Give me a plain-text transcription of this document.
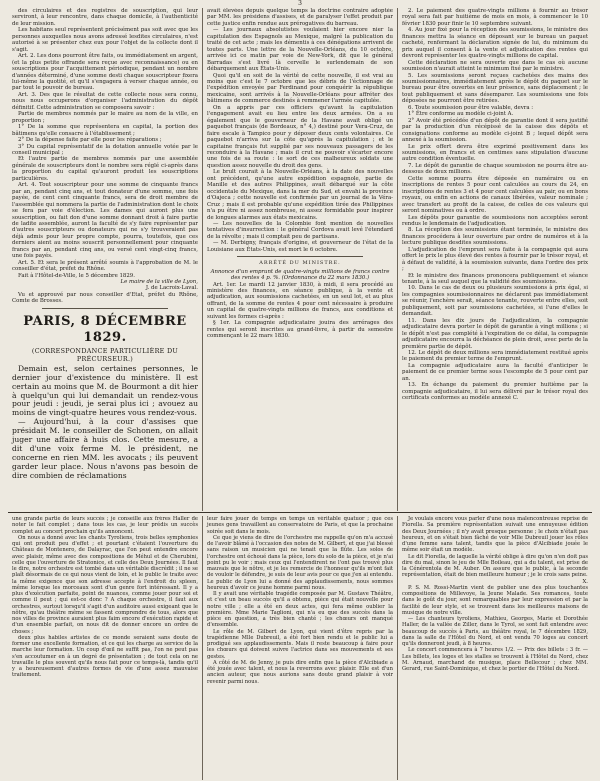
3

des circulaires et des registres de souscription, qui leur serviront, à leur rencontre, dans chaque domicile, à l'authenticité de leur mission.

Les habitans seul représentent précisément pas soit avec que les personnes auxquelles nous avons adressé lesdites circulaires, n'est autorisé à se présenter chez eux pour l'objet de la collecte dont il s'agit.

Art. 2. Les dons pourront être faits, ou immédiatement en argent, (et la plus petite offrande sera reçue avec reconnaissance) ou en souscriptions pour l'acquittement périodique, pendant un nombre d'années déterminé, d'une somme desti chaque souscripteur fixera lui-même la quotité, et qu'il s'engagera à verser chaque année, ou par tout le pouvoir de bureau.

Art. 3. Des que le résultat de cette collecte nous sera connu, nous nous occuperons d'organiser l'administration du dépôt définitif. Cette administration se composera savoir :

Partie de membres nommés par le maire au nom de la ville, en proportion ;

1° De la somme que représentera en capital, la portion des bâtimens qu'elle consacre à l'établissement ;

2° De la dépense faite par elle pour les réparations ;

3° Du capital représentatif de la dotation annuelle votée par le conseil municipal ;

Et l'autre partie de membres nommés par une assemblée générale de souscripteurs dont le nombre sera réglé ci-après dans la proportion du capital qu'auront produit les souscriptions particulières.

Art. 4. Tout souscripteur pour une somme de cinquante francs par an, pendant cinq ans, et tout donateur d'une somme, une fois payée, de cent cent cinquante francs, sera de droit membre de l'assemblée qui nommera la partie de l'administration dont le choix se fera par voie d'élection. Les dames qui auront plus une souscription, ou fait don d'une somme donnant droit à faire partie de ladite assemblée, auront la faculté de s'y faire représenter par d'autres souscripteurs ou donateurs qui ne s'y trouveraient pas déjà admis pour leur propre compte, pourra, toutefois, que ces derniers aient au moins souscrit personnellement pour cinquante francs par an, pendant cinq ans, ou versé cent vingt-cinq francs, une fois payés.

Art. 5. Et sera le présent arrêté soumis à l'approbation de M. le conseiller d'état, préfet du Rhône.

Fait à l'Hôtel-de-Ville, le 5 décembre 1829.

Le maire de la ville de Lyon,
J. de Lacroix-Laval.

Vu et approuvé par nous conseiller d'Etat, préfet du Rhône, Comte de Brosses.

PARIS, 8 DÉCEMBRE 1829.
(CORRESPONDANCE PARTICULIÈRE DU PRÉCURSEUR.)

Demain est, selon certaines personnes, le dernier jour d'existence du ministère. Il est certain au moins que M. de Bourmont a dit hier à quelqu'un qui lui demandait un rendez-vous pour jeudi : jeudi, je serai plus ici ; avouez au moins de vingt-quatre heures vous rendez-vous.

— Aujourd'hui, à la cour d'assises que présidait M. le conseiller de Schonen, on allait juger une affaire à huis clos. Cette mesure, a dit d'une voix ferme M. le président, ne concerne en rien MM. les avocats ; ils peuvent garder leur place. Nous n'avons pas besoin de dire combien de réclamations

avait élevées depuis quelque temps la doctrine contraire adoptée par MM. les présidens d'assises, et de paralyser l'effet produit par cette justice enfin rendue aux prérogatives du barreau.

— Les journaux absolutistes voulaient hier encore nier la capitulation des Espagnols au Mexique, malgré la publication du traité de cet acte ; mais les démentis à ces dénégations arrivent de toutes parts. Une lettre de la Nouvelle-Orléans, du 10 octobre, arrivée ici ce matin par voie de New-York, dit que le général Barradas s'est livré là cervelle le surlendemain de son débarquement aux États-Unis.

Quoi qu'il en soit de la vérité de cette nouvelle, il est vrai au moins que c'est le 7 octobre que les débris de l'éctionnage de l'expédition envoyée par Ferdinand pour conquérir la république mexicaine, sont arrivés à la Nouvelle-Orléans pour affréter des bâtimens de commerce destinés à remmener l'armée capitulée.

On a appris par ces officiers qu'avant la capitulation l'engagement avait eu lieu entre les deux armées. On a su également que le gouverneur de la Havane avait obligé un paquebot français (de Bordeaux, n° 4,) destiné pour Vera-Cruz, de faire escale à Tampico pour y déposer deux cents volontaires. Ce paquebot n'arriva sur la côte qu'après la capitulation ; et le capitaine français fut supplié par ses nouveaux passagers de les reconduire à la Havane ; mais il crut ne pouvoir s'écarter encore une fois de sa route : le sort de ces malheureux soldats une question assez nouvelle du droit des gens.

Le brult courait à la Nouvelle-Orléans, à la date des nouvelles ont précédent, qu'une autre expédition espagnole, partie de Manille et des autres Philippines, avait débarqué sur la côte occidentale du Mexique, dans la mer du Sud, et envahi la province d'Oajeca ; cette nouvelle est confirmée par un journal de la Véra-Cruz ; mais il est probable qu'une expédition tirée des Philippines n'a pu être ni assez nombreuse, ni assez formidable pour inspirer de longues alarmes aux états mexicains.

— Les nouvelles de la Colombie font mention de nouvelles tentatives d'insurrection : le général Cordova avait levé l'étendard de la révolte ; mais il comptait peu de partisans.

— M. Derbigny, français d'origine, et gouverneur de l'état de la Louisiane aux États-Unis, est mort le 6 octobre.

ARRÊTÉ DU MINISTRE.

Annonce d'un emprunt de quatre-vingts millions de francs contre des rentes 4 p. %. (Ordonnance du 22 mars 1830.)

Art. 1er. Le mardi 12 janvier 1830, à midi, il sera procédé au ministère des finances, en séance publique, à la vente et adjudication, aux soumissions cachetées, en un seul lot, et au plus offrant, de la somme de rentes 4 pour cent nécessaire à produire un capital de quatre-vingts millions de francs, aux conditions et suivant les formes ci-après :

§ 1er. La compagnie adjudicataire jouira des arrérages des rentes qui seront inscrites au grand-livre, à partir du semestre commençant le 22 mars 1830.

2. Le paiement des quatre-vingts millions à fournir au trésor royal sera fait par huitième de mois en mois, à commencer le 10 février 1830 pour finir le 10 septembre suivant.

4. Au jour fixé pour la réception des soumissions, le ministre des finances mettra la séance en déposant sur le bureau un paquet cacheté, renfermant la déclaration signée de lui, du minimum du prix auquel il consent à la vente et adjudication des rentes qui devront représenter les quatre-vingts millions de capital.

Cette déclaration ne sera ouverte que dans le cas où aucune soumission n'aurait atteint le minimum fixé par le ministre.

5. Les soumissions seront reçues cachetées des mains des soumissionnaires, immédiatement après le dépôt du paquet sur le bureau pour être ouvertes en leur présence, sans déplacement ; le tout publiquement et sans désemparer. Les soumissions une fois déposées ne pourront être retirées.

6. Toute soumission pour être valable, devra :

1° Être conforme au modèle ci-joint A.

2° Avoir été précédée d'un dépôt de garantie dont il sera justifié par la production d'un récépissé de la caisse des dépôts et consignations conforme au modèle ci-joint B ; lequel dépôt sera annexé à la soumission.

Le prix offert devra être exprimé positivement dans les soumissions, en francs et en centimes sans stipulation d'aucune autre condition éventuelle.

7. Le dépôt de garantie de chaque soumission ne pourra être au-dessous de deux millions.

Cette somme pourra être déposée en numéraire ou en inscriptions de rentes 5 pour cent calculées au cours du 24, en inscriptions de rentes 3 et 4 pour cent calculées au pair, ou en bons royaux, ou enfin en actions de canaux libérées, valeur nominale ; avec transfert au profit de la caisse, de celles de ces valeurs qui seront nominatives ou à ordre.

Les dépôts pour garantie de soumissions non acceptées seront rendus le lendemain de l'adjudication.

8. La réception des soumissions étant terminée, le ministre des finances procédera à leur ouverture par ordre de numéros et à la lecture publique desdites soumissions.

L'adjudication de l'emprunt sera faite à la compagnie qui aura offert le prix le plus élevé des rentes à fournir par le trésor royal, et à défaut de validité, à la soumission suivante, dans l'ordre des prix ;

Et le ministre des finances prononcera publiquement et séance tenante, à la seul auquel que la validité des soumissions.

10. Dans le cas de deux ou plusieurs soumissions à prix égal, si les compagnies soumissionnaires ne déclarent pas immédiatement se réunir, l'enchère serait, séance tenante, rouverte entre elles, soit publiquement, soit par soumissions cachetées, si l'une d'elles le demandait.

11. Dans les dix jours de l'adjudication, la compagnie adjudicataire devra porter le dépôt de garantie à vingt millions ; si le dépôt n'est pas complété à l'expiration de ce délai, la compagnie adjudicataire encourra la déchéance de plein droit, avec perte de la première partie de dépôt.

12. Le dépôt de deux millions sera immédiatement restitué après le paiement du premier terme de l'emprunt.

La compagnie adjudicataire aura la faculté d'anticiper le paiement de ce premier terme sous l'escompte de 5 pour cent par an.

13. En échange du paiement du premier huitième par la compagnie adjudicataire, il lui sera délivré par le trésor royal des certificats conformes au modèle annexé C.

une grande partie de leurs succès ; je conseille aux frères Haller de noter le fait complet ; dans tous les cas, je leur prédis un succès complet au concert prochain qu'ils annoncent.

On nous a donné avec les chants Tyroliens, trois belles symphonies qui ont produit peu d'effet ; et pourtant c'étaient l'ouverture du Château de Montenero, de Dalayrac, que l'on peut entendre encore avec plaisir, même avec des compositions de Méhul et de Cherubini, celle que l'ouverture de Stratonice, et celle des Deux Journées. Il faut le dire, notre orchestre est tombé dans un véritable discrédit ; il ne se plaît désormais de ce qui nous vient de loin, et le public le traite avec la même exigence que son adresse accepte à l'endroit du spleen, même lorsque les morceaux sont d'un genre fort intéressant. Il y a plus d'exécution parfaite, point de nuances, comme jouer pour soi et comme il peut ; qui est-ce donc ? A chaque orchestre, il faut aux orchestres, surtout lorsqu'il s'agit d'un auditoire aussi exigeant que le nôtre, qu'au théâtre même se fassent comprendre de tous, alors que nos villes de province auraient plus faim encore d'exécution rapide et d'un ensemble parfait, on nous dit de donner encore un ordre de choses ;

deux plus habiles artistes de ce monde seraient sans doute de former une excellente formation, et ce qui les charge au service de la marche leur formation. Un coup d'œil ne suffit pas, l'on ne peut pas s'en accoutumer en à un degré de présentation ; de tout cela on ne travaille le plus souvent qu'ils nous fait pour ce temps-là, tandis qu'il y a heureusement d'autres formes de vie d'une assez mauvaise traitement.

leur faire jouer de temps en temps un véritable quatuor ; que ces jeunes gens travaillent au conservatoire de Paris, et que la prochaine soirée soit dans le mois.

Ce que je viens de dire de l'orchestre me rappelle qu'on m'a accusé de l'avoir blâmé à l'occasion des notes de M. Gilbert, et que j'ai blessé sans raison un musicien qui ne tenait que la flûte. Les solos de l'orchestre ont échoué dans la pièce, lors du solo de la pièce, et je n'ai point pu le voir ; mais ceux qui l'entendirent ne l'ont pas trouvé plus mauvais que le nôtre, et je les remercie de l'honneur qu'ils m'ont fait de vouloir le défendre, je suis de leur avis pour ce que j'en ai entendu. Le public de Lyon lui a donné des applaudissements, nous sommes heureux d'avoir ce jeune homme parmi nous.

Il y avait une véritable tragédie composée par M. Gustave Théâtre, et c'est un beau succès qu'il a obtenu, pièce qui était nouvelle pour notre ville ; elle a été en deux actes, qui fera même oublier la première. Mme Marie Taglioni, qui n'a eu que des succès dans la pièce en question, a très bien chanté ; les chœurs ont manqué d'ensemble.

Le rôle de M. Gilbert de Lyon, qui vient d'être repris par la tragédienne Mlle Dubreuil, a été fort bien rendu et le public lui a prodigué ses applaudissements. Mais il reste beaucoup à faire pour les chœurs qui doivent suivre l'actrice dans ses mouvements et ses gestes.

A côté de M. de Jenny, je puis dire enfin que la pièce d'Alcibiade a été jouée avec talent, et nous la reverrons avec plaisir. Elle est d'un ancien auteur, que nous aurions sans doute grand plaisir à voir revenir parmi nous.

Je voulais encore vous parler d'une nous malencontreuse reprise de Fiorella. Sa première représentation suivait une ennuyeuse édition des Deux Journées ; il n'y avait presque personne ; le choix n'était pas heureux, et on s'était bien fâché de voir Mlle Dubreuil jouer les rôles d'une femme sans talent, tandis que la pièce d'Alcibiade jouée le même soir était un modèle.

Le dit Fiorella, de laquelle la vérité oblige à dire qu'on n'en doit pas dire du mal, sinon le jeu de Mlle Boileau, qui a du talent, est prise de la Cénérentola de M. Auber. On assure que le public, à la seconde représentation, était de bien meilleure humeur ; je le crois sans peine.

X.

P. S. M. Rossi-Martin vient de publier une des plus touchantes compositions de Millevoye, la Jeune Malade. Ses romances, toute dans le goût du jour, sont remarquables par leur expression et par la facilité de leur style, et se trouvent dans les meilleures maisons de musique de notre ville.

— Les chanteurs tyroliens, Mathieu, Georges, Marie et Dorothée Haller, de la vallée de Ziller, dans le Tyrol, se sont fait entendre avec beaucoup de succès à Paris, au théâtre royal, le 7 décembre 1829, dans la salle de l'Hôtel du Nord, et ont vendu 70 loges au concert qu'ils donneront jeudi, à 8 heures.

Le concert commencera à 7 heures 1/2. — Prix des billets : 3 fr. — Les billets, les loges et les stalles se trouvent à l'Hôtel du Nord, chez M. Arnaud, marchand de musique, place Bellecour ; chez MM. Gerard, rue Saint-Dominique, et chez le portier de l'Hôtel du Nord.
